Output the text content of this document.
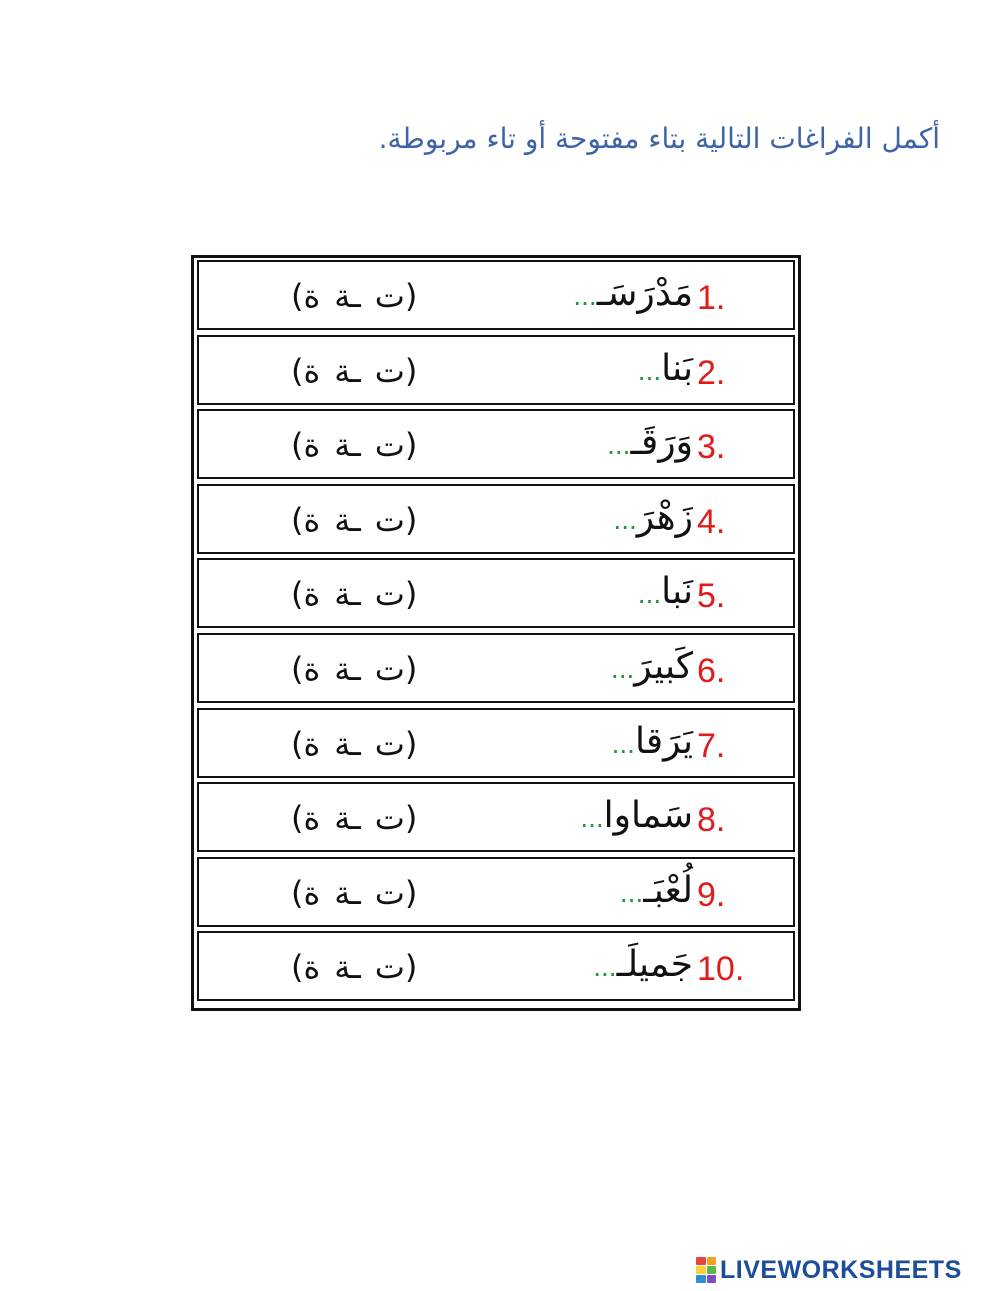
أكمل الفراغات التالية بتاء مفتوحة أو تاء مربوطة.
1.
مَدْرَسَـ...
(تـةة)
2.
بَنا...
(تـةة)
3.
وَرَقَـ...
(تـةة)
4.
زَهْرَ...
(تـةة)
5.
نَبا...
(تـةة)
6.
كَبيرَ...
(تـةة)
7.
يَرَقا...
(تـةة)
8.
سَماوا...
(تـةة)
9.
لُعْبَـ...
(تـةة)
10.
جَميلَـ...
(تـةة)
LIVEWORKSHEETS
